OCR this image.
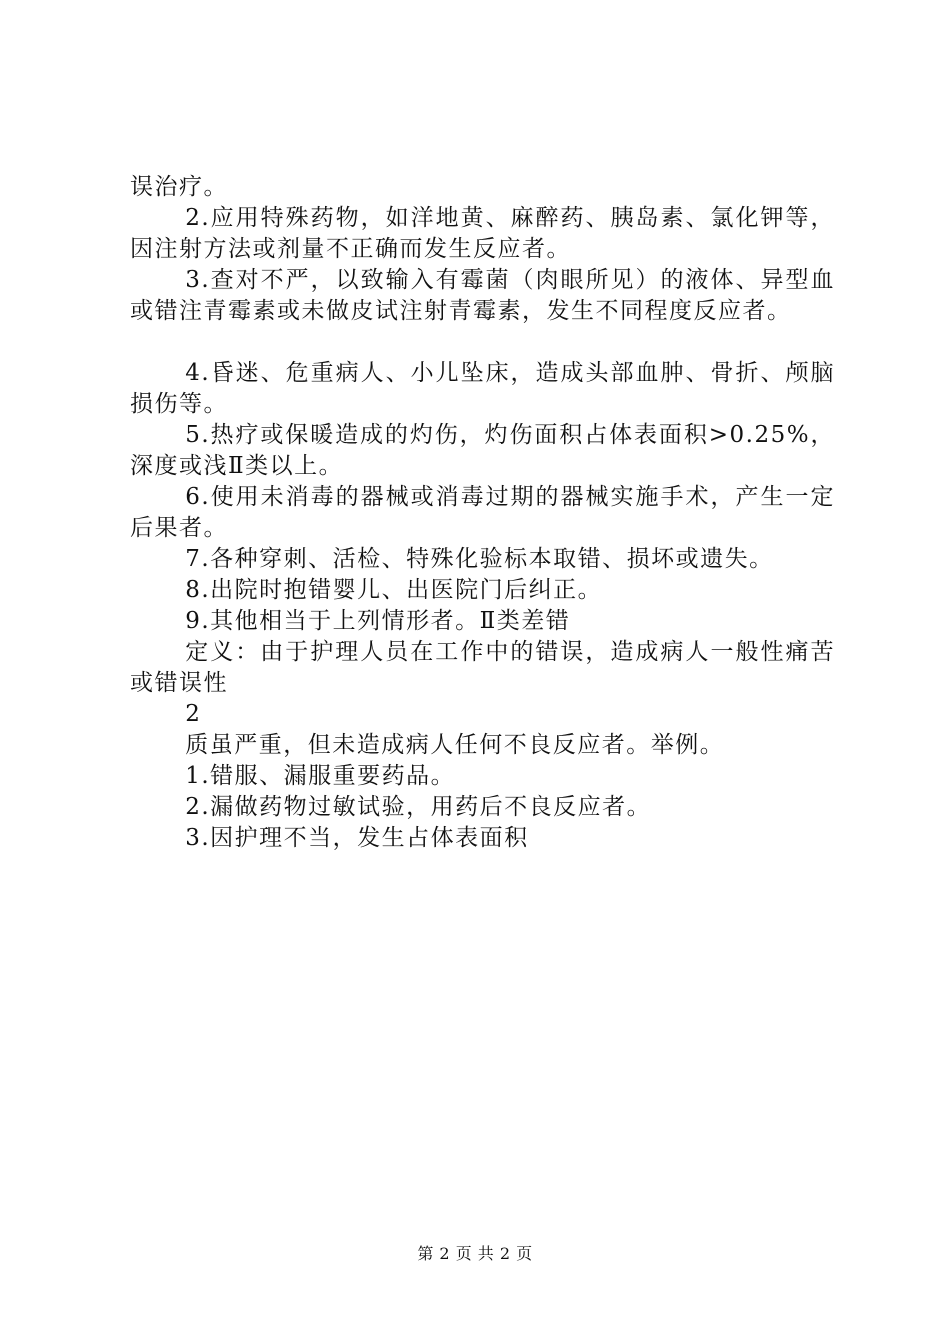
误治疗。

2.应用特殊药物，如洋地黄、麻醉药、胰岛素、氯化钾等，因注射方法或剂量不正确而发生反应者。

3.查对不严，以致输入有霉菌（肉眼所见）的液体、异型血或错注青霉素或未做皮试注射青霉素，发生不同程度反应者。

4.昏迷、危重病人、小儿坠床，造成头部血肿、骨折、颅脑损伤等。

5.热疗或保暖造成的灼伤，灼伤面积占体表面积>0.25%，深度或浅Ⅱ类以上。

6.使用未消毒的器械或消毒过期的器械实施手术，产生一定后果者。

7.各种穿刺、活检、特殊化验标本取错、损坏或遗失。

8.出院时抱错婴儿、出医院门后纠正。

9.其他相当于上列情形者。Ⅱ类差错

定义：由于护理人员在工作中的错误，造成病人一般性痛苦或错误性

2

质虽严重，但未造成病人任何不良反应者。举例。

1.错服、漏服重要药品。

2.漏做药物过敏试验，用药后不良反应者。

3.因护理不当，发生占体表面积

第 2 页 共 2 页
